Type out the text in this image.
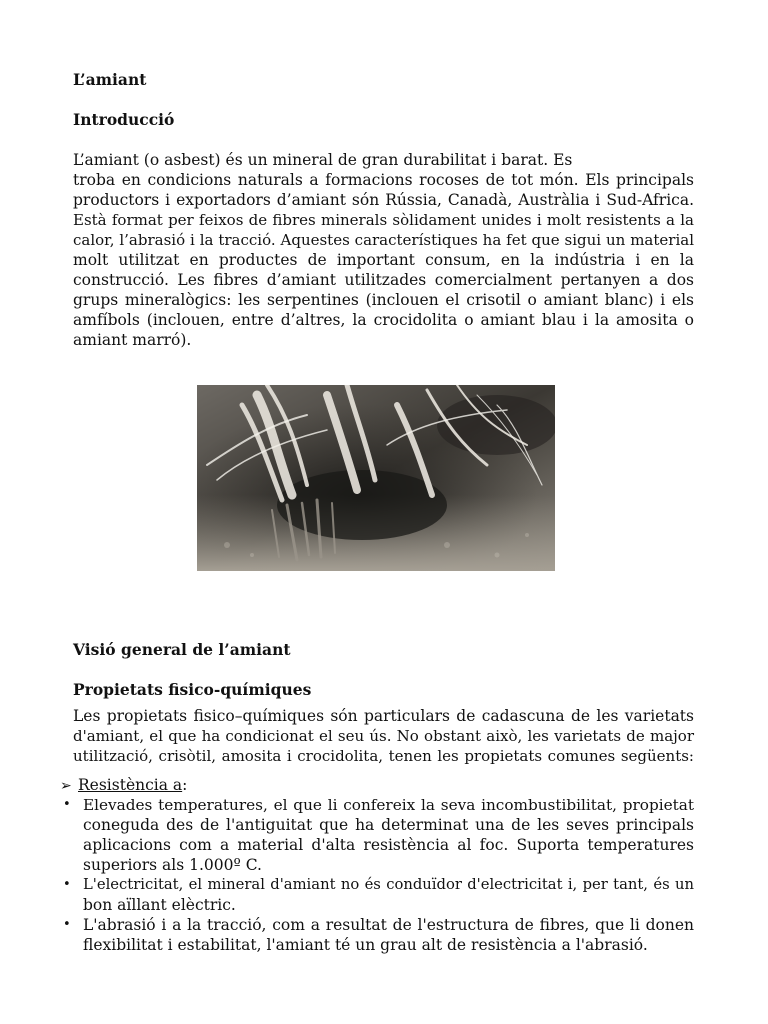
L’amiant
Introducció
L’amiant (o asbest) és un mineral de gran durabilitat i barat. Es
troba en condicions naturals a formacions rocoses de tot món. Els principals
productors i exportadors d’amiant són Rússia, Canadà, Austràlia i Sud-Africa.
Està format per feixos de fibres minerals sòlidament unides i molt resistents a la
calor, l’abrasió i la tracció. Aquestes característiques ha fet que sigui un material
molt utilitzat en productes de important consum, en la indústria i en la
construcció. Les fibres d’amiant utilitzades comercialment pertanyen a dos
grups mineralògics: les serpentines (inclouen el crisotil o amiant blanc) i els
amfíbols (inclouen, entre d’altres, la crocidolita o amiant blau i la amosita o
amiant marró).
Visió general de l’amiant
Propietats fisico-químiques
Les propietats fisico–químiques són particulars de cadascuna de les varietats
d'amiant, el que ha condicionat el seu ús. No obstant això, les varietats de major
utilització, crisòtil, amosita i crocidolita, tenen les propietats comunes següents:
➢ Resistència a:
• Elevades temperatures, el que li confereix la seva incombustibilitat, propietat
coneguda des de l'antiguitat que ha determinat una de les seves principals
aplicacions com a material d'alta resistència al foc. Suporta temperatures
superiors als 1.000º C.
• L'electricitat, el mineral d'amiant no és conduïdor d'electricitat i, per tant, és un
bon aïllant elèctric.
• L'abrasió i a la tracció, com a resultat de l'estructura de fibres, que li donen
flexibilitat i estabilitat, l'amiant té un grau alt de resistència a l'abrasió.
